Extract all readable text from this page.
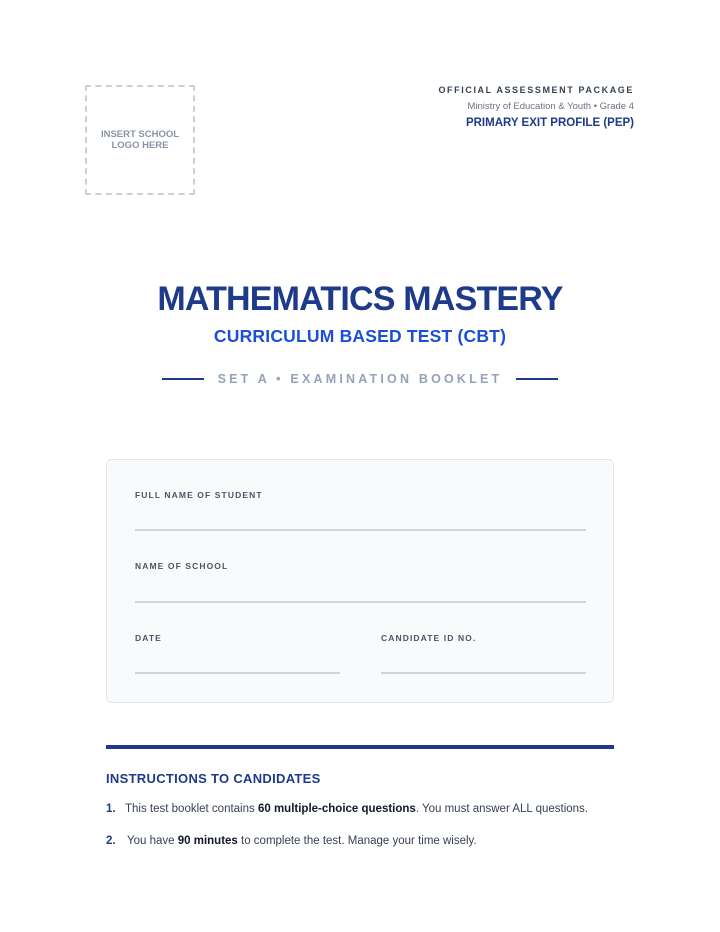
INSERT SCHOOL LOGO HERE
OFFICIAL ASSESSMENT PACKAGE
Ministry of Education & Youth • Grade 4
PRIMARY EXIT PROFILE (PEP)
MATHEMATICS MASTERY
CURRICULUM BASED TEST (CBT)
SET A • EXAMINATION BOOKLET
FULL NAME OF STUDENT
NAME OF SCHOOL
DATE	CANDIDATE ID NO.
INSTRUCTIONS TO CANDIDATES
1. This test booklet contains 60 multiple-choice questions. You must answer ALL questions.
2. You have 90 minutes to complete the test. Manage your time wisely.
